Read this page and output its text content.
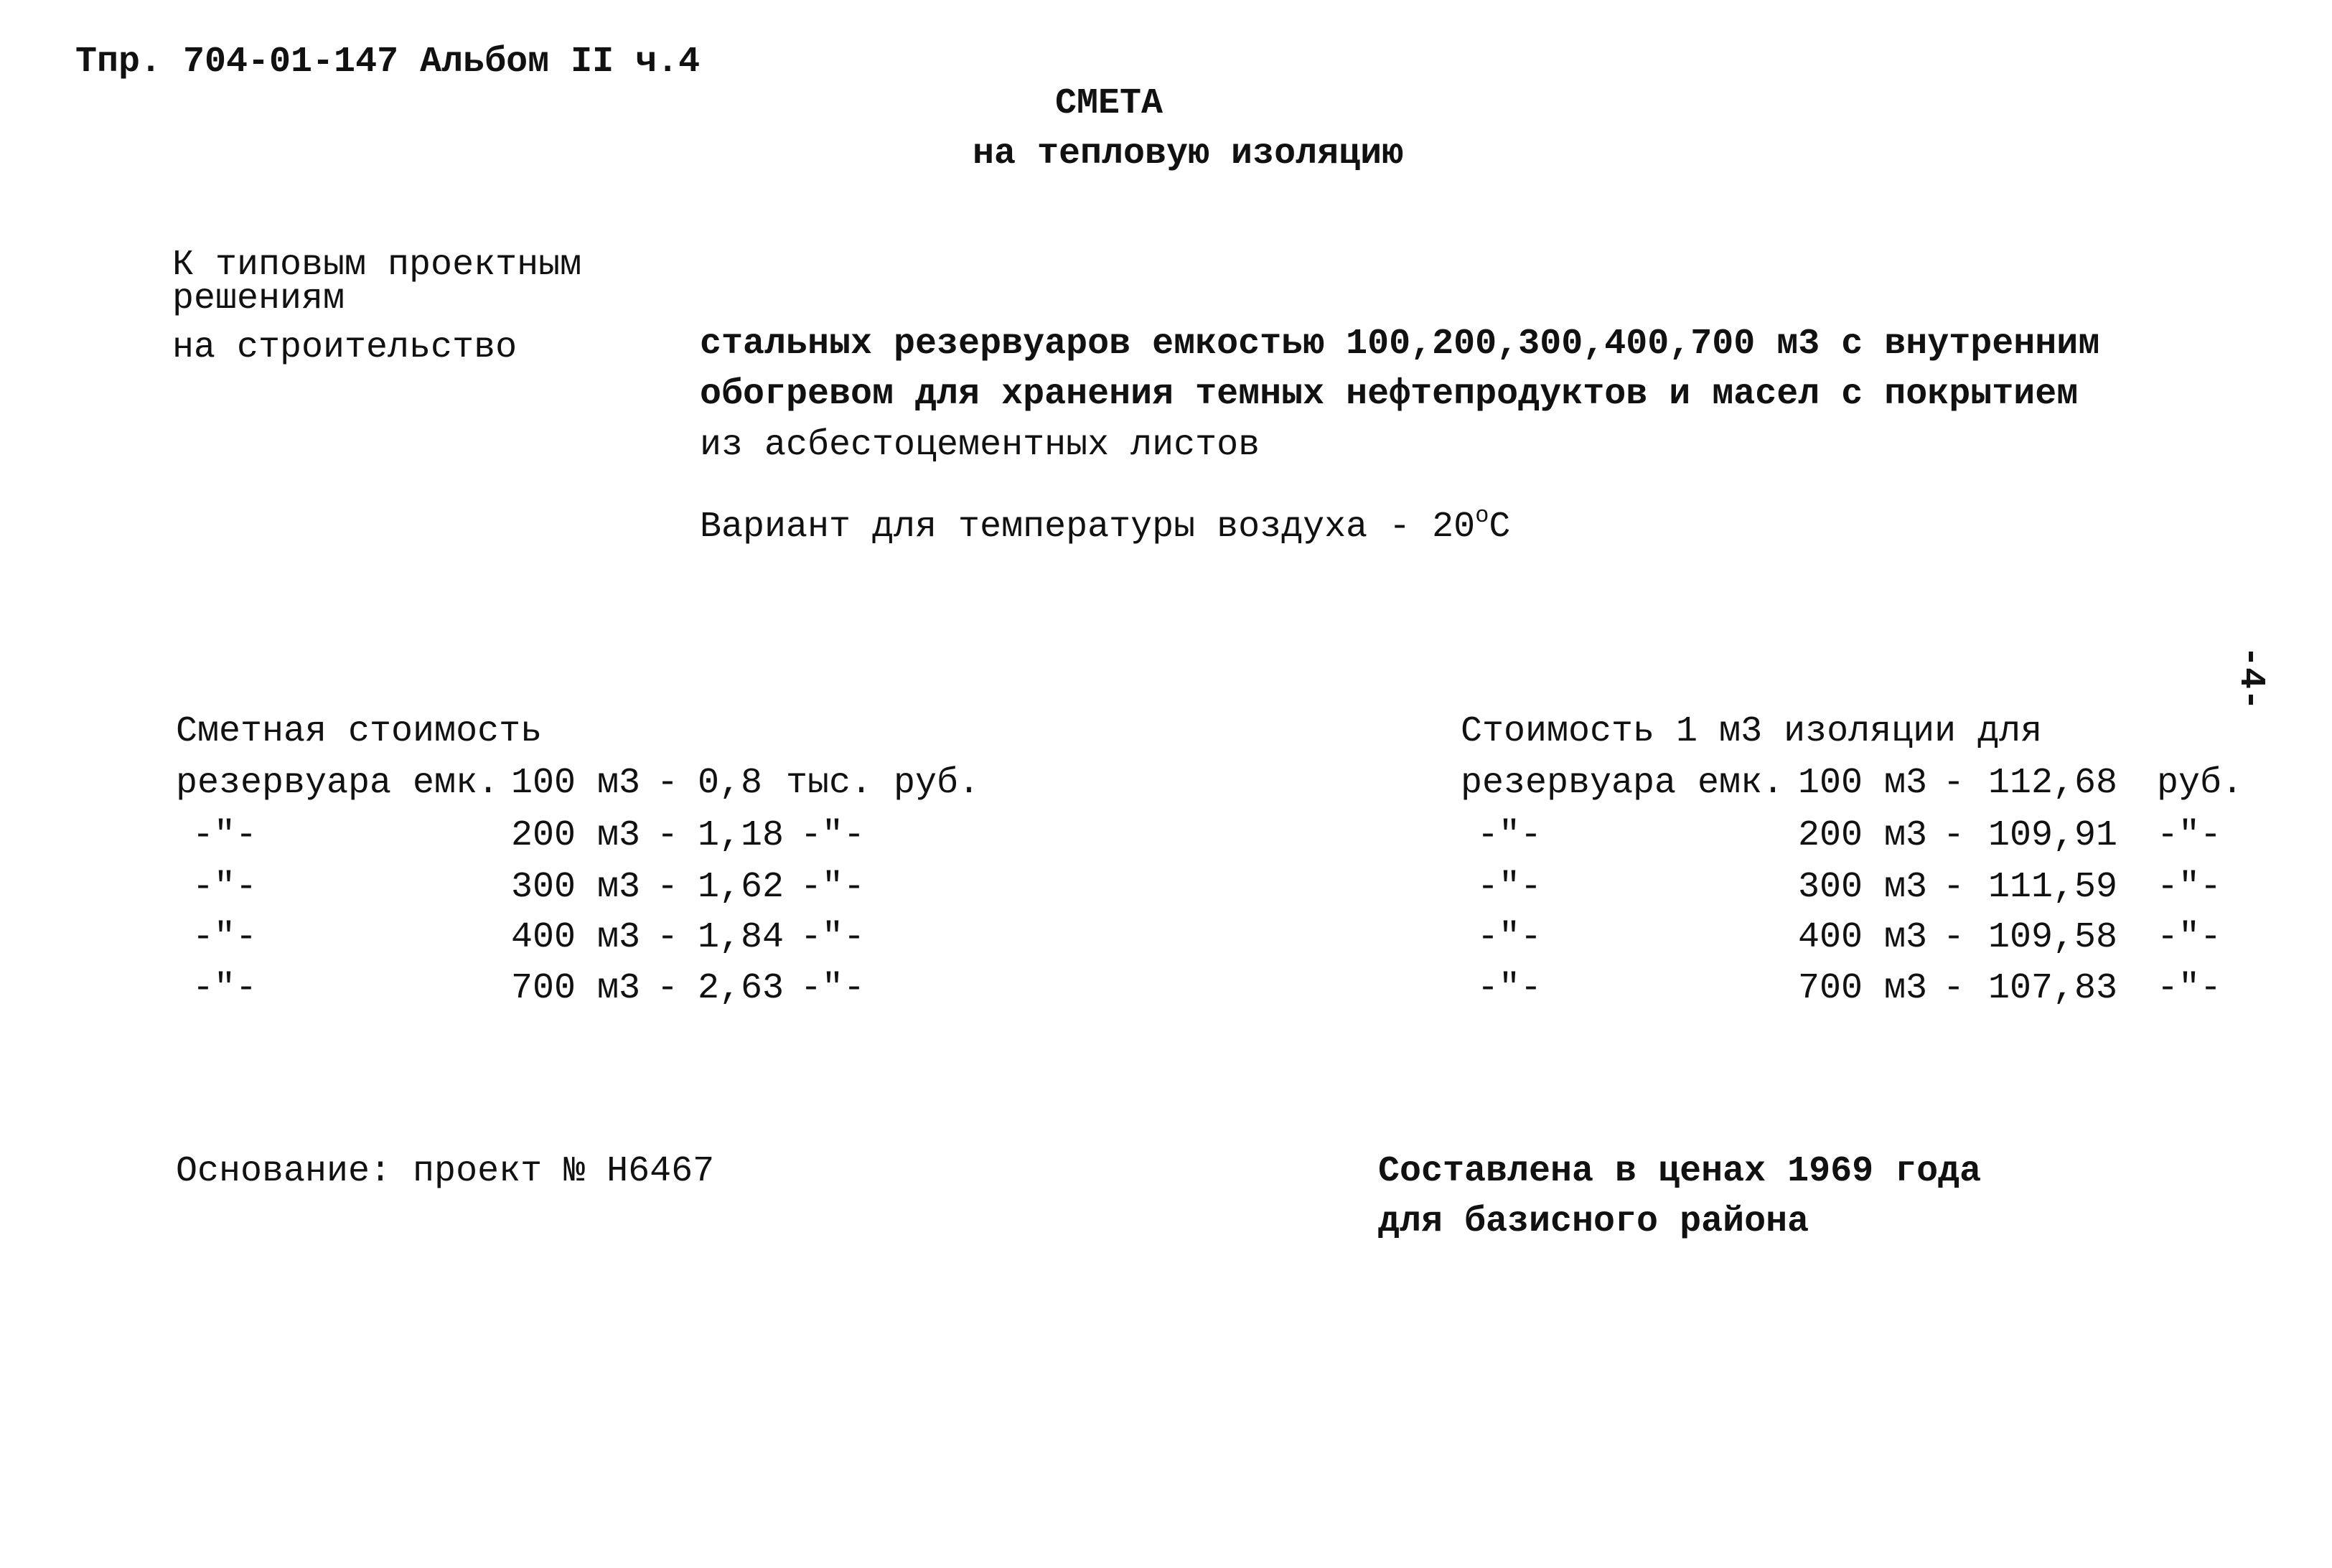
Тпр. 704-01-147 Альбом II ч.4
СМЕТА
на тепловую изоляцию
-4-
К типовым проектным
решениям
на строительство	стальных резервуаров емкостью 100,200,300,400,700 м3 с внутренним
обогревом для хранения темных нефтепродуктов и масел с покрытием
из асбестоцементных листов
Вариант для температуры воздуха - $20^оС$
Сметная стоимость
резервуара емк. 100 м3 - 0,8 тыс. руб.
-"-	200 м3 - 1,18 -"-
-"-	300 м3 - 1,62 -"-
-"-	400 м3 - 1,84 -"-
-"-	700 м3 - 2,63 -"-
Стоимость 1 м3 изоляции для
резервуара емк. 100 м3 - 112,68 руб.
-"-	200 м3 - 109,91 -"-
-"-	300 м3 - 111,59 -"-
-"-	400 м3 - 109,58 -"-
-"-	700 м3 - 107,83 -"-
Основание: проект № Н6467	Составлена в ценах 1969 года
для базисного района
